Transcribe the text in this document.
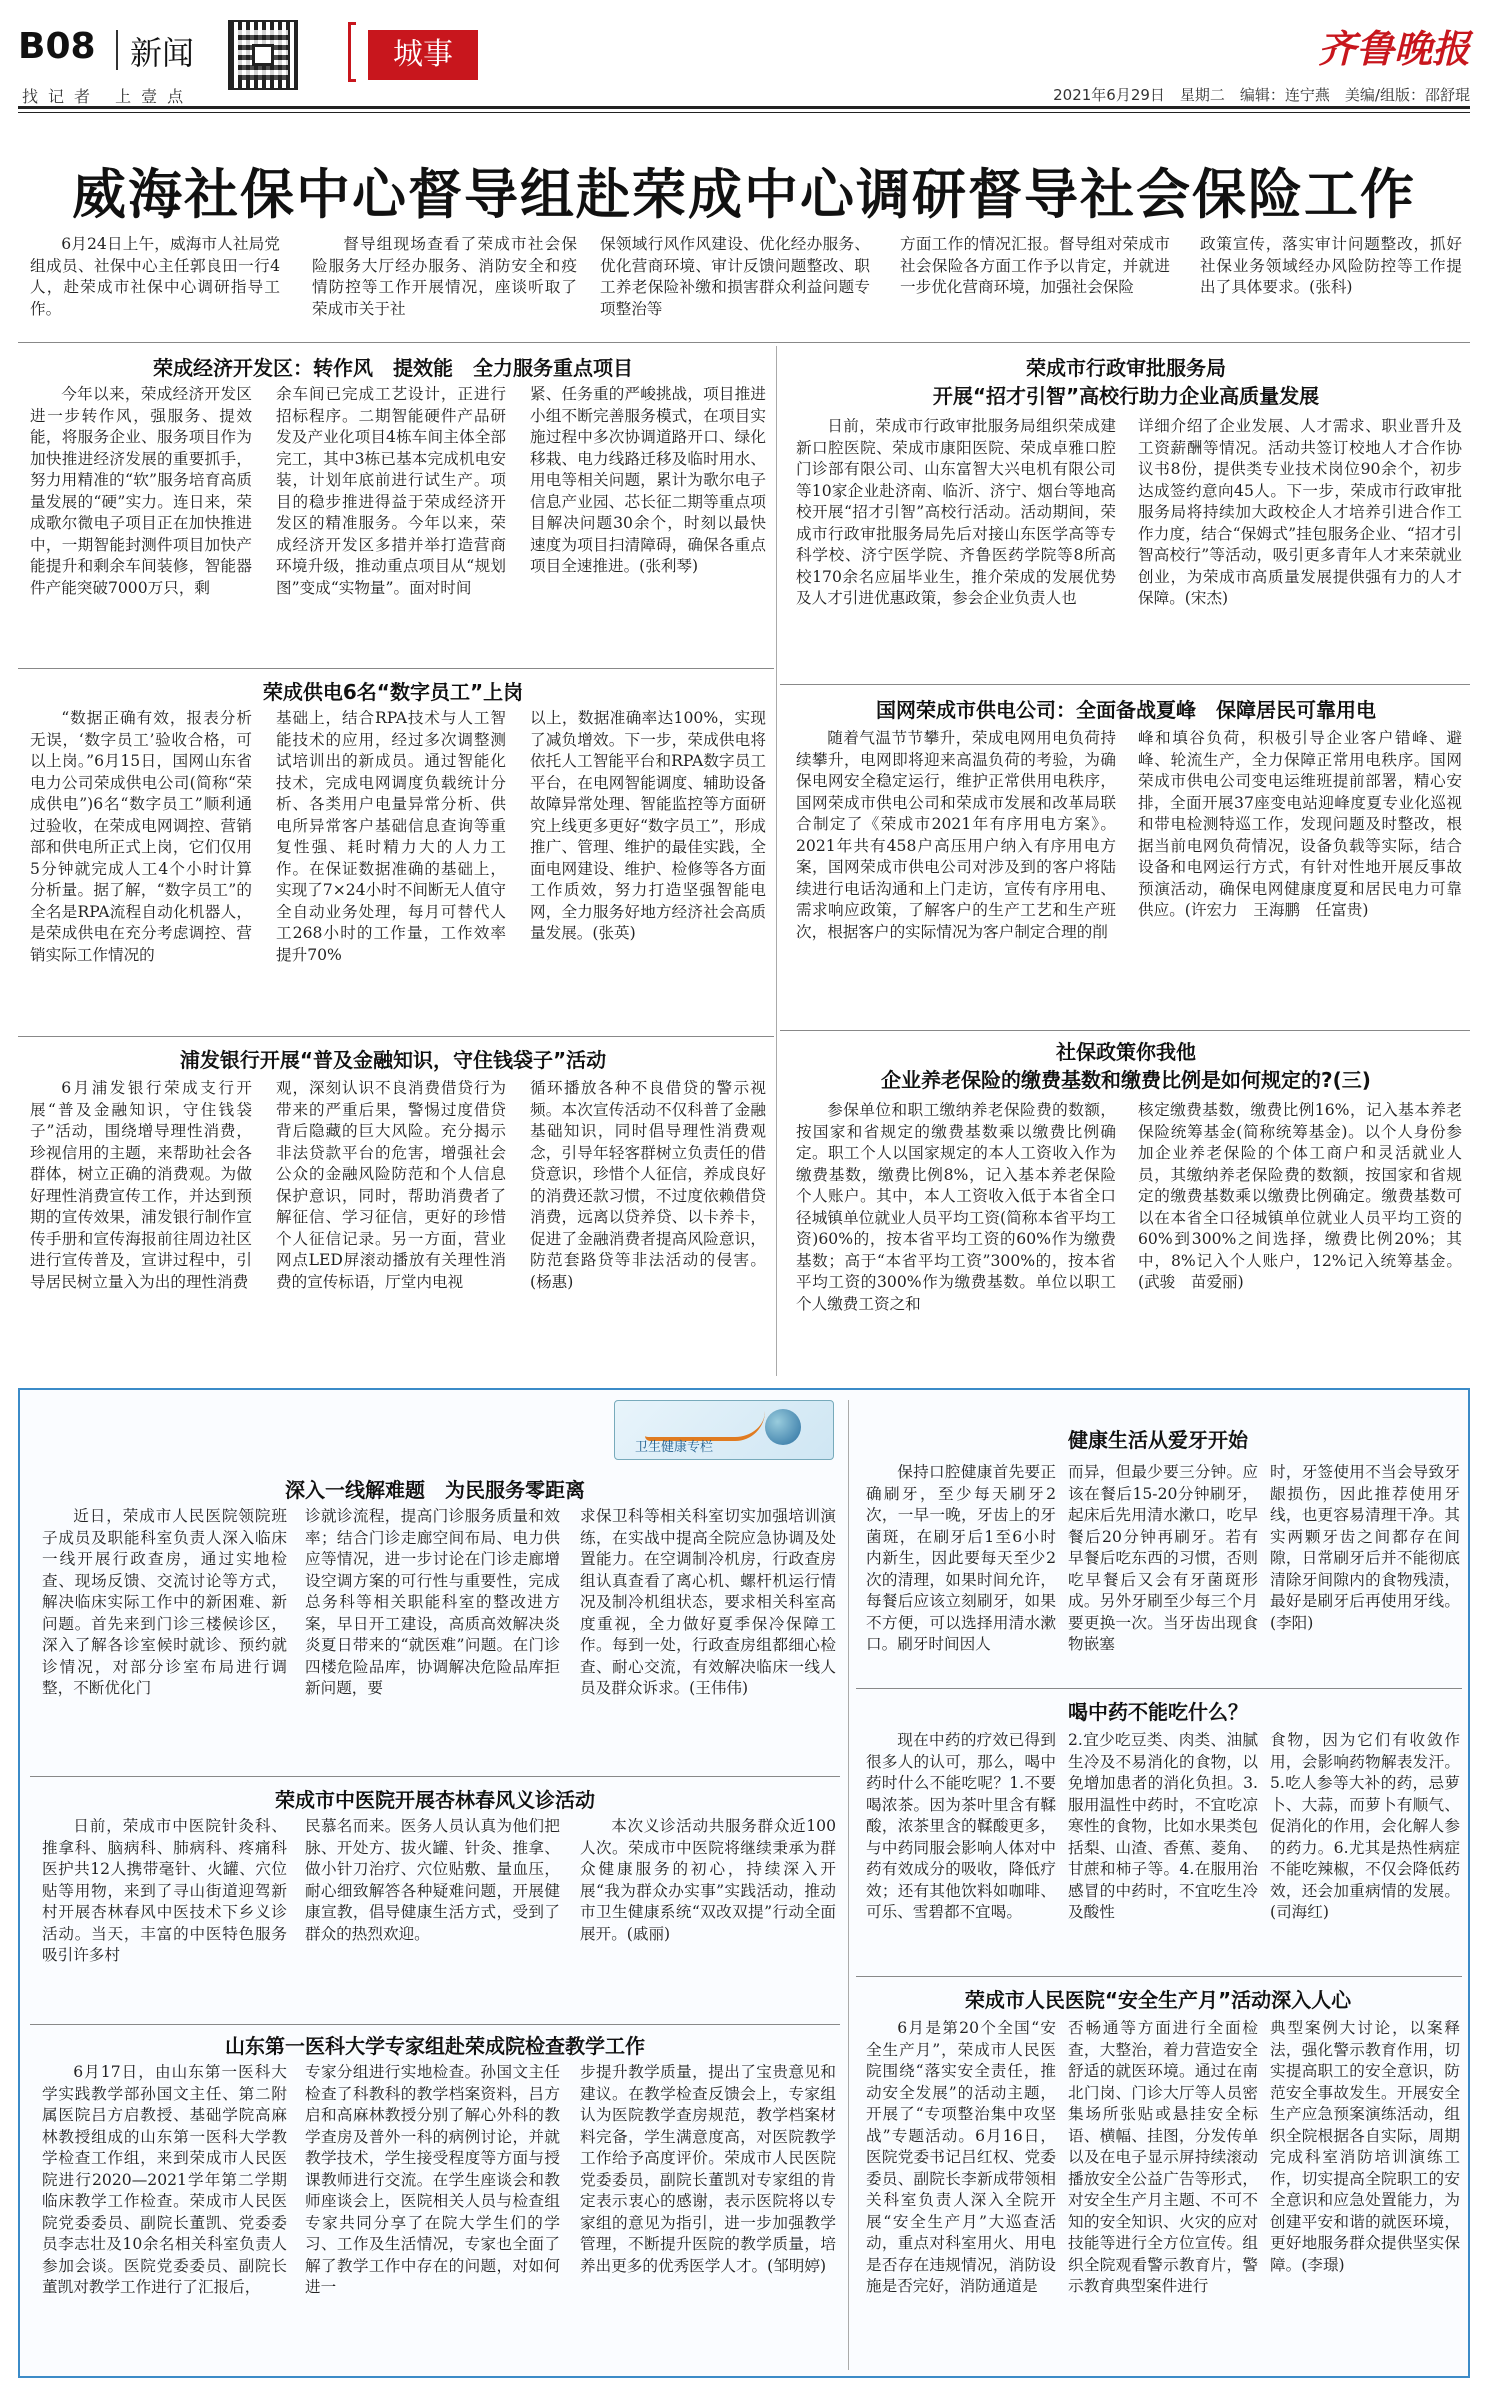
B08 新闻
找记者 上壹点
城事	齐鲁晚报
2021年6月29日　星期二　编辑：连宁燕　美编/组版：邵舒琨
威海社保中心督导组赴荣成中心调研督导社会保险工作

6月24日上午，威海市人社局党组成员、社保中心主任郭良田一行4人，赴荣成市社保中心调研指导工作。

督导组现场查看了荣成市社会保险服务大厅经办服务、消防安全和疫情防控等工作开展情况，座谈听取了荣成市关于社

保领域行风作风建设、优化经办服务、优化营商环境、审计反馈问题整改、职工养老保险补缴和损害群众利益问题专项整治等

方面工作的情况汇报。督导组对荣成市社会保险各方面工作予以肯定，并就进一步优化营商环境，加强社会保险

政策宣传，落实审计问题整改，抓好社保业务领域经办风险防控等工作提出了具体要求。(张科)

荣成经济开发区：转作风　提效能　全力服务重点项目

今年以来，荣成经济开发区进一步转作风，强服务、提效能，将服务企业、服务项目作为加快推进经济发展的重要抓手，努力用精准的“软”服务培育高质量发展的“硬”实力。连日来，荣成歌尔微电子项目正在加快推进中，一期智能封测件项目加快产能提升和剩余车间装修，智能器件产能突破7000万只，剩

余车间已完成工艺设计，正进行招标程序。二期智能硬件产品研发及产业化项目4栋车间主体全部完工，其中3栋已基本完成机电安装，计划年底前进行试生产。项目的稳步推进得益于荣成经济开发区的精准服务。今年以来，荣成经济开发区多措并举打造营商环境升级，推动重点项目从“规划图”变成“实物量”。面对时间

紧、任务重的严峻挑战，项目推进小组不断完善服务模式，在项目实施过程中多次协调道路开口、绿化移栽、电力线路迁移及临时用水、用电等相关问题，累计为歌尔电子信息产业园、芯长征二期等重点项目解决问题30余个，时刻以最快速度为项目扫清障碍，确保各重点项目全速推进。(张利琴)

荣成供电6名“数字员工”上岗

“数据正确有效，报表分析无误，‘数字员工’验收合格，可以上岗。”6月15日，国网山东省电力公司荣成供电公司(简称“荣成供电”)6名“数字员工”顺利通过验收，在荣成电网调控、营销部和供电所正式上岗，它们仅用5分钟就完成人工4个小时计算分析量。据了解，“数字员工”的全名是RPA流程自动化机器人，是荣成供电在充分考虑调控、营销实际工作情况的

基础上，结合RPA技术与人工智能技术的应用，经过多次调整测试培训出的新成员。通过智能化技术，完成电网调度负载统计分析、各类用户电量异常分析、供电所异常客户基础信息查询等重复性强、耗时精力大的人力工作。在保证数据准确的基础上，实现了7×24小时不间断无人值守全自动业务处理，每月可替代人工268小时的工作量，工作效率提升70%

以上，数据准确率达100%，实现了减负增效。下一步，荣成供电将依托人工智能平台和RPA数字员工平台，在电网智能调度、辅助设备故障异常处理、智能监控等方面研究上线更多更好“数字员工”，形成推广、管理、维护的最佳实践，全面电网建设、维护、检修等各方面工作质效，努力打造坚强智能电网，全力服务好地方经济社会高质量发展。(张英)

浦发银行开展“普及金融知识，守住钱袋子”活动

6月浦发银行荣成支行开展“普及金融知识，守住钱袋子”活动，围绕增导理性消费，珍视信用的主题，来帮助社会各群体，树立正确的消费观。为做好理性消费宣传工作，并达到预期的宣传效果，浦发银行制作宣传手册和宣传海报前往周边社区进行宣传普及，宣讲过程中，引导居民树立量入为出的理性消费

观，深刻认识不良消费借贷行为带来的严重后果，警惕过度借贷背后隐藏的巨大风险。充分揭示非法贷款平台的危害，增强社会公众的金融风险防范和个人信息保护意识，同时，帮助消费者了解征信、学习征信，更好的珍惜个人征信记录。另一方面，营业网点LED屏滚动播放有关理性消费的宣传标语，厅堂内电视

循环播放各种不良借贷的警示视频。本次宣传活动不仅科普了金融基础知识，同时倡导理性消费观念，引导年轻客群树立负责任的借贷意识，珍惜个人征信，养成良好的消费还款习惯，不过度依赖借贷消费，远离以贷养贷、以卡养卡，促进了金融消费者提高风险意识，防范套路贷等非法活动的侵害。(杨惠)

荣成市行政审批服务局
开展“招才引智”高校行助力企业高质量发展

日前，荣成市行政审批服务局组织荣成建新口腔医院、荣成市康阳医院、荣成卓雅口腔门诊部有限公司、山东富智大兴电机有限公司等10家企业赴济南、临沂、济宁、烟台等地高校开展“招才引智”高校行活动。活动期间，荣成市行政审批服务局先后对接山东医学高等专科学校、济宁医学院、齐鲁医药学院等8所高校170余名应届毕业生，推介荣成的发展优势及人才引进优惠政策，参会企业负责人也

详细介绍了企业发展、人才需求、职业晋升及工资薪酬等情况。活动共签订校地人才合作协议书8份，提供类专业技术岗位90余个，初步达成签约意向45人。下一步，荣成市行政审批服务局将持续加大政校企人才培养引进合作工作力度，结合“保姆式”挂包服务企业、“招才引智高校行”等活动，吸引更多青年人才来荣就业创业，为荣成市高质量发展提供强有力的人才保障。(宋杰)

国网荣成市供电公司：全面备战夏峰　保障居民可靠用电

随着气温节节攀升，荣成电网用电负荷持续攀升，电网即将迎来高温负荷的考验，为确保电网安全稳定运行，维护正常供用电秩序，国网荣成市供电公司和荣成市发展和改革局联合制定了《荣成市2021年有序用电方案》。2021年共有458户高压用户纳入有序用电方案，国网荣成市供电公司对涉及到的客户将陆续进行电话沟通和上门走访，宣传有序用电、需求响应政策，了解客户的生产工艺和生产班次，根据客户的实际情况为客户制定合理的削

峰和填谷负荷，积极引导企业客户错峰、避峰、轮流生产，全力保障正常用电秩序。国网荣成市供电公司变电运维班提前部署，精心安排，全面开展37座变电站迎峰度夏专业化巡视和带电检测特巡工作，发现问题及时整改，根据当前电网负荷情况，设备负载等实际，结合设备和电网运行方式，有针对性地开展反事故预演活动，确保电网健康度夏和居民电力可靠供应。(许宏力　王海鹏　任富贵)

社保政策你我他
企业养老保险的缴费基数和缴费比例是如何规定的?(三)

参保单位和职工缴纳养老保险费的数额，按国家和省规定的缴费基数乘以缴费比例确定。职工个人以国家规定的本人工资收入作为缴费基数，缴费比例8%，记入基本养老保险个人账户。其中，本人工资收入低于本省全口径城镇单位就业人员平均工资(简称本省平均工资)60%的，按本省平均工资的60%作为缴费基数；高于“本省平均工资”300%的，按本省平均工资的300%作为缴费基数。单位以职工个人缴费工资之和

核定缴费基数，缴费比例16%，记入基本养老保险统筹基金(简称统筹基金)。以个人身份参加企业养老保险的个体工商户和灵活就业人员，其缴纳养老保险费的数额，按国家和省规定的缴费基数乘以缴费比例确定。缴费基数可以在本省全口径城镇单位就业人员平均工资的60%到300%之间选择，缴费比例20%；其中，8%记入个人账户，12%记入统筹基金。(武骏　苗爱丽)

卫生健康专栏
深入一线解难题　为民服务零距离

近日，荣成市人民医院领院班子成员及职能科室负责人深入临床一线开展行政查房，通过实地检查、现场反馈、交流讨论等方式，解决临床实际工作中的新困难、新问题。首先来到门诊三楼候诊区，深入了解各诊室候时就诊、预约就诊情况，对部分诊室布局进行调整，不断优化门

诊就诊流程，提高门诊服务质量和效率；结合门诊走廊空间布局、电力供应等情况，进一步讨论在门诊走廊增设空调方案的可行性与重要性，完成总务科等相关职能科室的整改进方案，早日开工建设，高质高效解决炎炎夏日带来的“就医难”问题。在门诊四楼危险品库，协调解决危险品库拒新问题，要

求保卫科等相关科室切实加强培训演练，在实战中提高全院应急协调及处置能力。在空调制冷机房，行政查房组认真查看了离心机、螺杆机运行情况及制冷机组状态，要求相关科室高度重视，全力做好夏季保冷保障工作。每到一处，行政查房组都细心检查、耐心交流，有效解决临床一线人员及群众诉求。(王伟伟)

荣成市中医院开展杏林春风义诊活动

日前，荣成市中医院针灸科、推拿科、脑病科、肺病科、疼痛科医护共12人携带毫针、火罐、穴位贴等用物，来到了寻山街道迎驾新村开展杏林春风中医技术下乡义诊活动。当天，丰富的中医特色服务吸引许多村

民慕名而来。医务人员认真为他们把脉、开处方、拔火罐、针灸、推拿、做小针刀治疗、穴位贴敷、量血压，耐心细致解答各种疑难问题，开展健康宣教，倡导健康生活方式，受到了群众的热烈欢迎。

本次义诊活动共服务群众近100人次。荣成市中医院将继续秉承为群众健康服务的初心，持续深入开展“我为群众办实事”实践活动，推动市卫生健康系统“双改双提”行动全面展开。(戚丽)

山东第一医科大学专家组赴荣成院检查教学工作

6月17日，由山东第一医科大学实践教学部孙国文主任、第二附属医院吕方启教授、基础学院高麻林教授组成的山东第一医科大学教学检查工作组，来到荣成市人民医院进行2020—2021学年第二学期临床教学工作检查。荣成市人民医院党委委员、副院长董凯、党委委员李志壮及10余名相关科室负责人参加会谈。医院党委委员、副院长董凯对教学工作进行了汇报后，

专家分组进行实地检查。孙国文主任检查了科教科的教学档案资料，吕方启和高麻林教授分别了解心外科的教学查房及普外一科的病例讨论，并就教学技术，学生接受程度等方面与授课教师进行交流。在学生座谈会和教师座谈会上，医院相关人员与检查组专家共同分享了在院大学生们的学习、工作及生活情况，专家也全面了解了教学工作中存在的问题，对如何进一

步提升教学质量，提出了宝贵意见和建议。在教学检查反馈会上，专家组认为医院教学查房规范，教学档案材料完备，学生满意度高，对医院教学工作给予高度评价。荣成市人民医院党委委员，副院长董凯对专家组的肯定表示衷心的感谢，表示医院将以专家组的意见为指引，进一步加强教学管理，不断提升医院的教学质量，培养出更多的优秀医学人才。(邹明婷)

健康生活从爱牙开始

保持口腔健康首先要正确刷牙，至少每天刷牙2次，一早一晚，牙齿上的牙菌斑，在刷牙后1至6小时内新生，因此要每天至少2次的清理，如果时间允许，每餐后应该立刻刷牙，如果不方便，可以选择用清水漱口。刷牙时间因人

而异，但最少要三分钟。应该在餐后15-20分钟刷牙，起床后先用清水漱口，吃早餐后20分钟再刷牙。若有早餐后吃东西的习惯，否则吃早餐后又会有牙菌斑形成。另外牙刷至少每三个月要更换一次。当牙齿出现食物嵌塞

时，牙签使用不当会导致牙龈损伤，因此推荐使用牙线，也更容易清理干净。其实两颗牙齿之间都存在间隙，日常刷牙后并不能彻底清除牙间隙内的食物残渍，最好是刷牙后再使用牙线。(李阳)

喝中药不能吃什么？

现在中药的疗效已得到很多人的认可，那么，喝中药时什么不能吃呢？1.不要喝浓茶。因为茶叶里含有鞣酸，浓茶里含的鞣酸更多，与中药同服会影响人体对中药有效成分的吸收，降低疗效；还有其他饮料如咖啡、可乐、雪碧都不宜喝。

2.宜少吃豆类、肉类、油腻生冷及不易消化的食物，以免增加患者的消化负担。3.服用温性中药时，不宜吃凉寒性的食物，比如水果类包括梨、山渣、香蕉、菱角、甘蔗和柿子等。4.在服用治感冒的中药时，不宜吃生冷及酸性

食物，因为它们有收敛作用，会影响药物解表发汗。5.吃人参等大补的药，忌萝卜、大蒜，而萝卜有顺气、促消化的作用，会化解人参的药力。6.尤其是热性病症不能吃辣椒，不仅会降低药效，还会加重病情的发展。(司海红)

荣成市人民医院“安全生产月”活动深入人心

6月是第20个全国“安全生产月”，荣成市人民医院围绕“落实安全责任，推动安全发展”的活动主题，开展了“专项整治集中攻坚战”专题活动。6月16日，医院党委书记吕红权、党委委员、副院长李新成带领相关科室负责人深入全院开展“安全生产月”大巡查活动，重点对科室用火、用电是否存在违规情况，消防设施是否完好，消防通道是

否畅通等方面进行全面检查，大整治，着力营造安全舒适的就医环境。通过在南北门岗、门诊大厅等人员密集场所张贴或悬挂安全标语、横幅、挂图，分发传单以及在电子显示屏持续滚动播放安全公益广告等形式，对安全生产月主题、不可不知的安全知识、火灾的应对技能等进行全方位宣传。组织全院观看警示教育片，警示教育典型案件进行

典型案例大讨论，以案释法，强化警示教育作用，切实提高职工的安全意识，防范安全事故发生。开展安全生产应急预案演练活动，组织全院根据各自实际，周期完成科室消防培训演练工作，切实提高全院职工的安全意识和应急处置能力，为创建平安和谐的就医环境，更好地服务群众提供坚实保障。(李璟)
